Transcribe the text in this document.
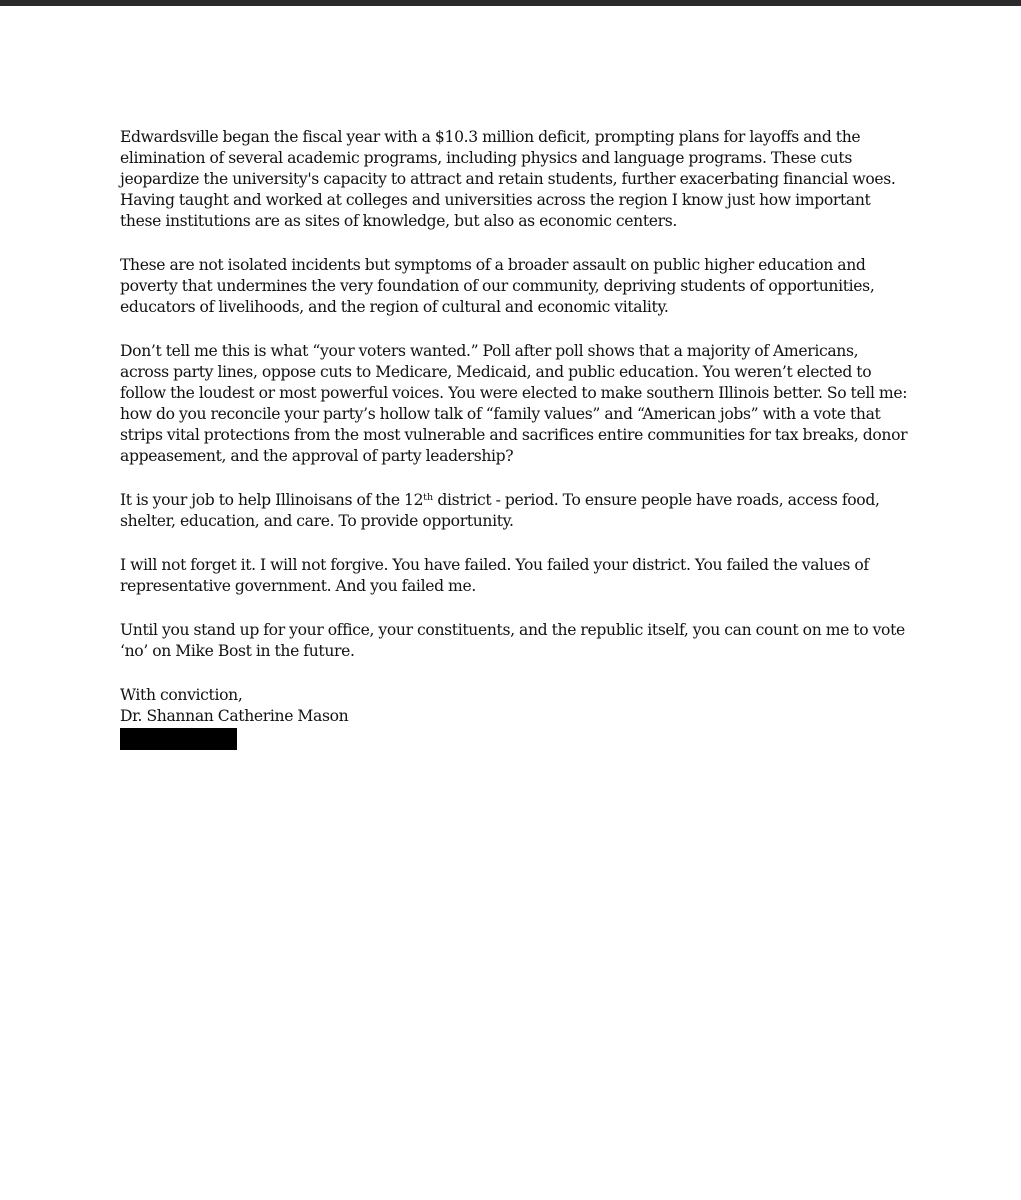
Edwardsville began the fiscal year with a $10.3 million deficit, prompting plans for layoffs and the elimination of several academic programs, including physics and language programs. These cuts jeopardize the university's capacity to attract and retain students, further exacerbating financial woes. Having taught and worked at colleges and universities across the region I know just how important these institutions are as sites of knowledge, but also as economic centers.

These are not isolated incidents but symptoms of a broader assault on public higher education and poverty that undermines the very foundation of our community, depriving students of opportunities, educators of livelihoods, and the region of cultural and economic vitality.

Don’t tell me this is what “your voters wanted.” Poll after poll shows that a majority of Americans, across party lines, oppose cuts to Medicare, Medicaid, and public education. You weren’t elected to follow the loudest or most powerful voices. You were elected to make southern Illinois better. So tell me: how do you reconcile your party’s hollow talk of “family values” and “American jobs” with a vote that strips vital protections from the most vulnerable and sacrifices entire communities for tax breaks, donor appeasement, and the approval of party leadership?

It is your job to help Illinoisans of the 12th district - period. To ensure people have roads, access food, shelter, education, and care. To provide opportunity.

I will not forget it. I will not forgive. You have failed. You failed your district. You failed the values of representative government. And you failed me.

Until you stand up for your office, your constituents, and the republic itself, you can count on me to vote ‘no’ on Mike Bost in the future.

With conviction,

Dr. Shannan Catherine Mason
